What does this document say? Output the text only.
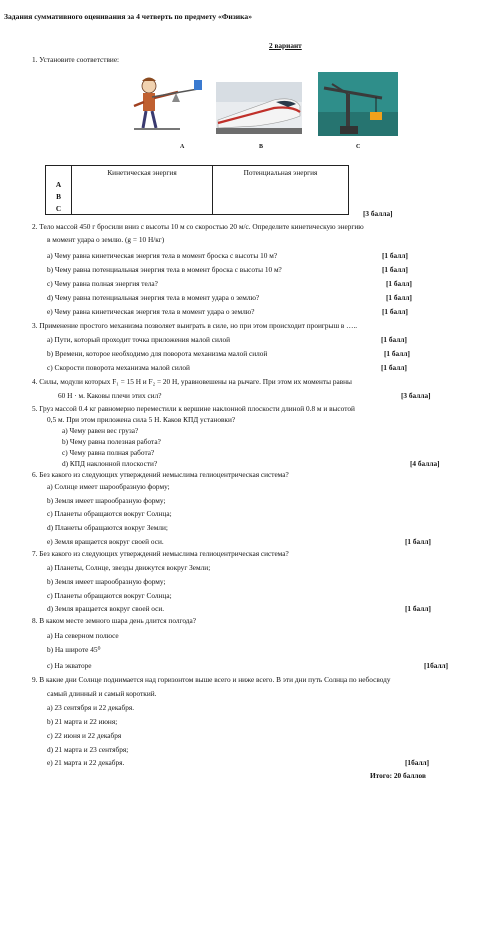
Задания суммативного оценивания за 4 четверть по предмету «Физика»
2 вариант
1. Установите соответствие:
A	B	C
	Кинетическая энергия	Потенциальная энергия
A		
B		
C		
[3 балла]
2. Тело массой 450 г бросили вниз с высоты 10 м со скоростью 20 м/с. Определите кинетическую энергию
в момент удара о землю. (g = 10 Н/кг)
a) Чему равна кинетическая энергия тела в момент броска с высоты 10 м?	[1 балл]
b) Чему равна потенциальная энергия тела в момент броска с высоты 10 м?	[1 балл]
c) Чему равна полная энергия тела?	[1 балл]
d) Чему равна потенциальная энергия тела в момент удара о землю?	[1 балл]
e) Чему равна кинетическая энергия тела в момент удара о землю?	[1 балл]
3. Применение простого механизма позволяет выиграть в силе, но при этом происходит проигрыш в …..
a) Пути, который проходит точка приложения малой силой	[1 балл]
b) Времени, которое необходимо для поворота механизма малой силой	[1 балл]
c) Скорости поворота механизма малой силой	[1 балл]
4. Силы, модули которых F₁ = 15 Н и F₂ = 20 Н, уравновешены на рычаге. При этом их моменты равны
60 Н · м. Каковы плечи этих сил?	[3 балла]
5. Груз массой 0.4 кг равномерно переместили к вершине наклонной плоскости длиной 0.8 м и высотой
0,5 м. При этом приложена сила 5 Н. Каков КПД установки?
a) Чему равен вес груза?
b) Чему равна полезная работа?
c) Чему равна полная работа?
d) КПД наклонной плоскости?	[4 балла]
6. Без какого из следующих утверждений немыслима гелиоцентрическая система?
a) Солнце имеет шарообразную форму;
b) Земля имеет шарообразную форму;
c) Планеты обращаются вокруг Солнца;
d) Планеты обращаются вокруг Земли;
e) Земля вращается вокруг своей оси.	[1 балл]
7. Без какого из следующих утверждений немыслима гелиоцентрическая система?
a) Планеты, Солнце, звезды движутся вокруг Земли;
b) Земля имеет шарообразную форму;
c) Планеты обращаются вокруг Солнца;
d) Земля вращается вокруг своей оси.	[1 балл]
8. В каком месте земного шара день длится полгода?
a) На северном полюсе
b) На широте 45⁰
c) На экваторе	[1балл]
9. В какие дни Солнце поднимается над горизонтом выше всего и ниже всего. В эти дни путь Солнца по небосводу
самый длинный и самый короткий.
a) 23 сентября и 22 декабря.
b) 21 марта и 22 июня;
c) 22 июня и 22 декабря
d) 21 марта и 23 сентября;
e) 21 марта и 22 декабря.	[1балл]
Итого: 20 баллов
